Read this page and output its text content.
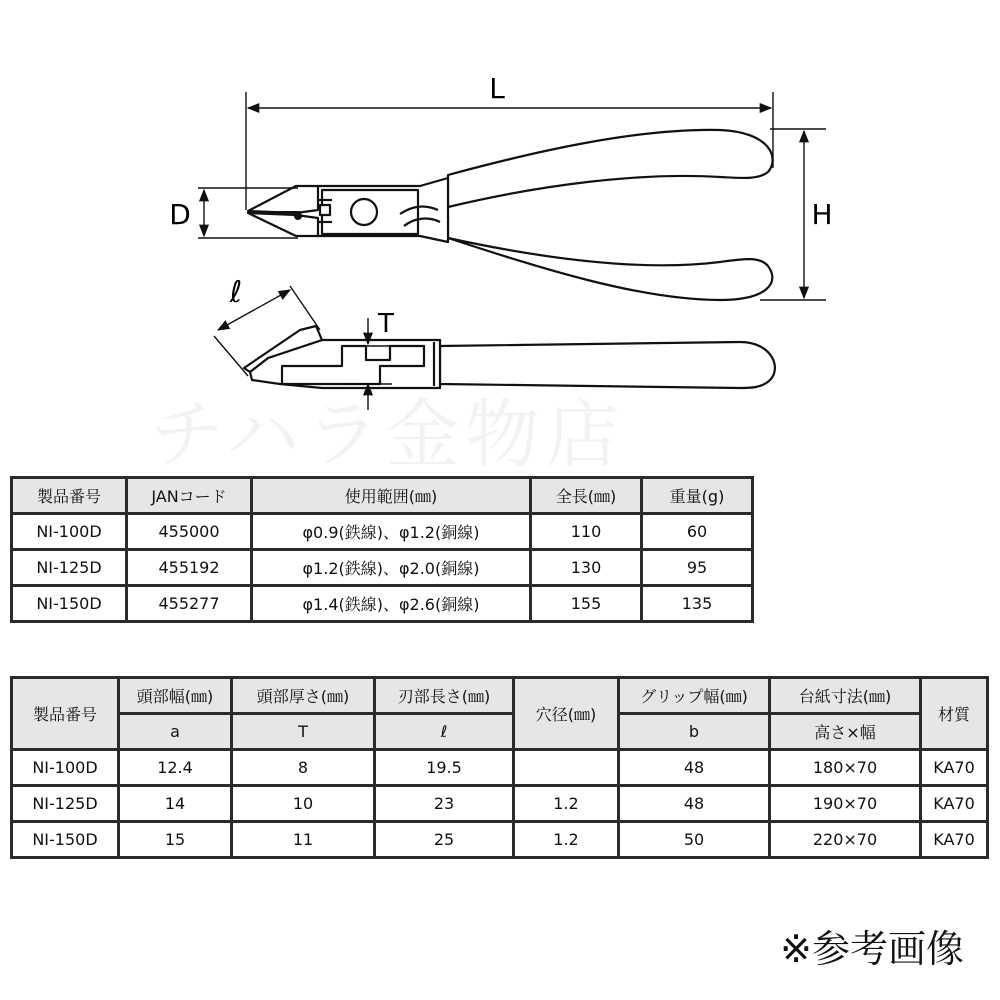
L
D	H
ℓ
T
チハラ金物店
製品番号	JANコード	使用範囲(㎜)	全長(㎜)	重量(g)
NI-100D	455000	φ0.9(鉄線)、φ1.2(銅線)	110	60
NI-125D	455192	φ1.2(鉄線)、φ2.0(銅線)	130	95
NI-150D	455277	φ1.4(鉄線)、φ2.6(銅線)	155	135
製品番号	頭部幅(㎜)	頭部厚さ(㎜)	刃部長さ(㎜)	穴径(㎜)	グリップ幅(㎜)	台紙寸法(㎜)	材質
	a	T	ℓ		b	高さ×幅	
NI-100D	12.4	8	19.5		48	180×70	KA70
NI-125D	14	10	23	1.2	48	190×70	KA70
NI-150D	15	11	25	1.2	50	220×70	KA70
※参考画像
